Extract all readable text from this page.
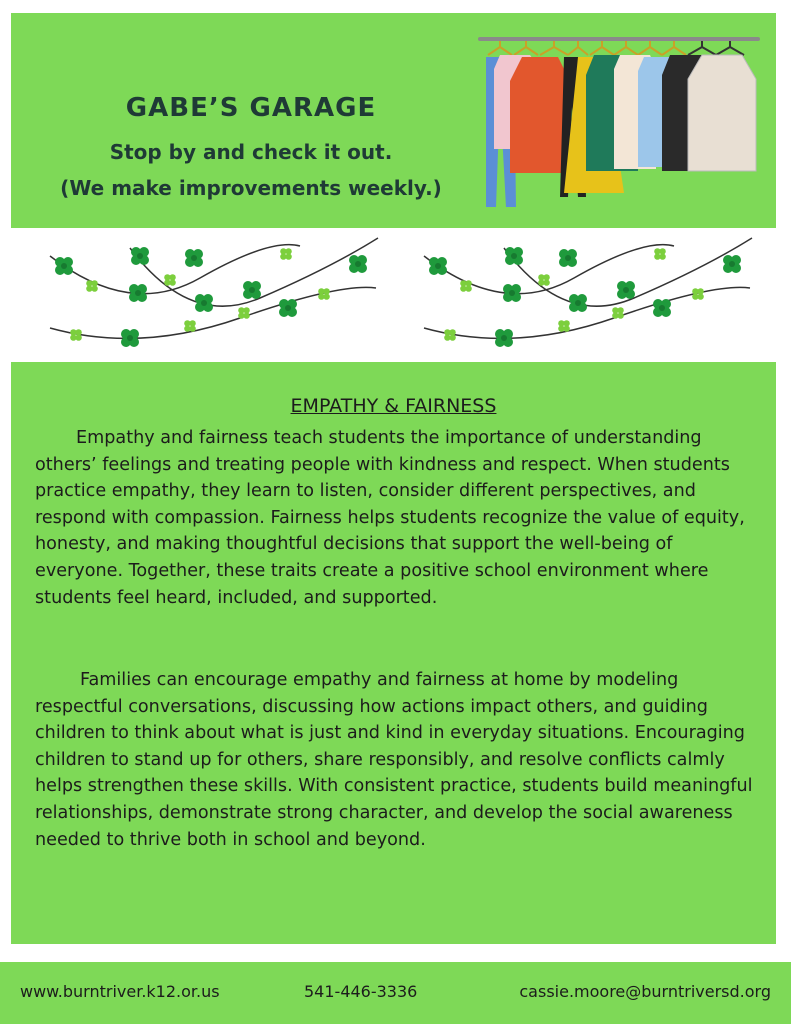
GABE’S GARAGE
Stop by and check it out.
(We make improvements weekly.)
EMPATHY & FAIRNESS

Empathy and fairness teach students the importance of understanding others’ feelings and treating people with kindness and respect. When students practice empathy, they learn to listen, consider different perspectives, and respond with compassion. Fairness helps students recognize the value of equity, honesty, and making thoughtful decisions that support the well-being of everyone. Together, these traits create a positive school environment where students feel heard, included, and supported.

Families can encourage empathy and fairness at home by modeling respectful conversations, discussing how actions impact others, and guiding children to think about what is just and kind in everyday situations. Encouraging children to stand up for others, share responsibly, and resolve conflicts calmly helps strengthen these skills. With consistent practice, students build meaningful relationships, demonstrate strong character, and develop the social awareness needed to thrive both in school and beyond.

www.burntriver.k12.or.us	541-446-3336	cassie.moore@burntriversd.org
